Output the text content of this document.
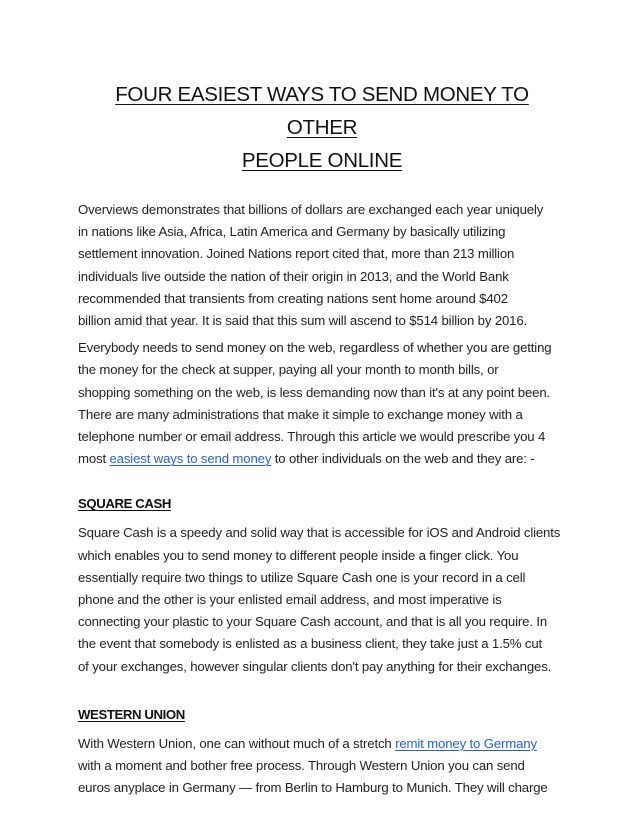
FOUR EASIEST WAYS TO SEND MONEY TO OTHER
PEOPLE ONLINE

Overviews demonstrates that billions of dollars are exchanged each year uniquely
in nations like Asia, Africa, Latin America and Germany by basically utilizing
settlement innovation. Joined Nations report cited that, more than 213 million
individuals live outside the nation of their origin in 2013, and the World Bank
recommended that transients from creating nations sent home around $402
billion amid that year. It is said that this sum will ascend to $514 billion by 2016.

Everybody needs to send money on the web, regardless of whether you are getting
the money for the check at supper, paying all your month to month bills, or
shopping something on the web, is less demanding now than it's at any point been.
There are many administrations that make it simple to exchange money with a
telephone number or email address. Through this article we would prescribe you 4
most easiest ways to send money to other individuals on the web and they are: -

SQUARE CASH

Square Cash is a speedy and solid way that is accessible for iOS and Android clients
which enables you to send money to different people inside a finger click. You
essentially require two things to utilize Square Cash one is your record in a cell
phone and the other is your enlisted email address, and most imperative is
connecting your plastic to your Square Cash account, and that is all you require. In
the event that somebody is enlisted as a business client, they take just a 1.5% cut
of your exchanges, however singular clients don't pay anything for their exchanges.

WESTERN UNION

With Western Union, one can without much of a stretch remit money to Germany
with a moment and bother free process. Through Western Union you can send
euros anyplace in Germany — from Berlin to Hamburg to Munich. They will charge
